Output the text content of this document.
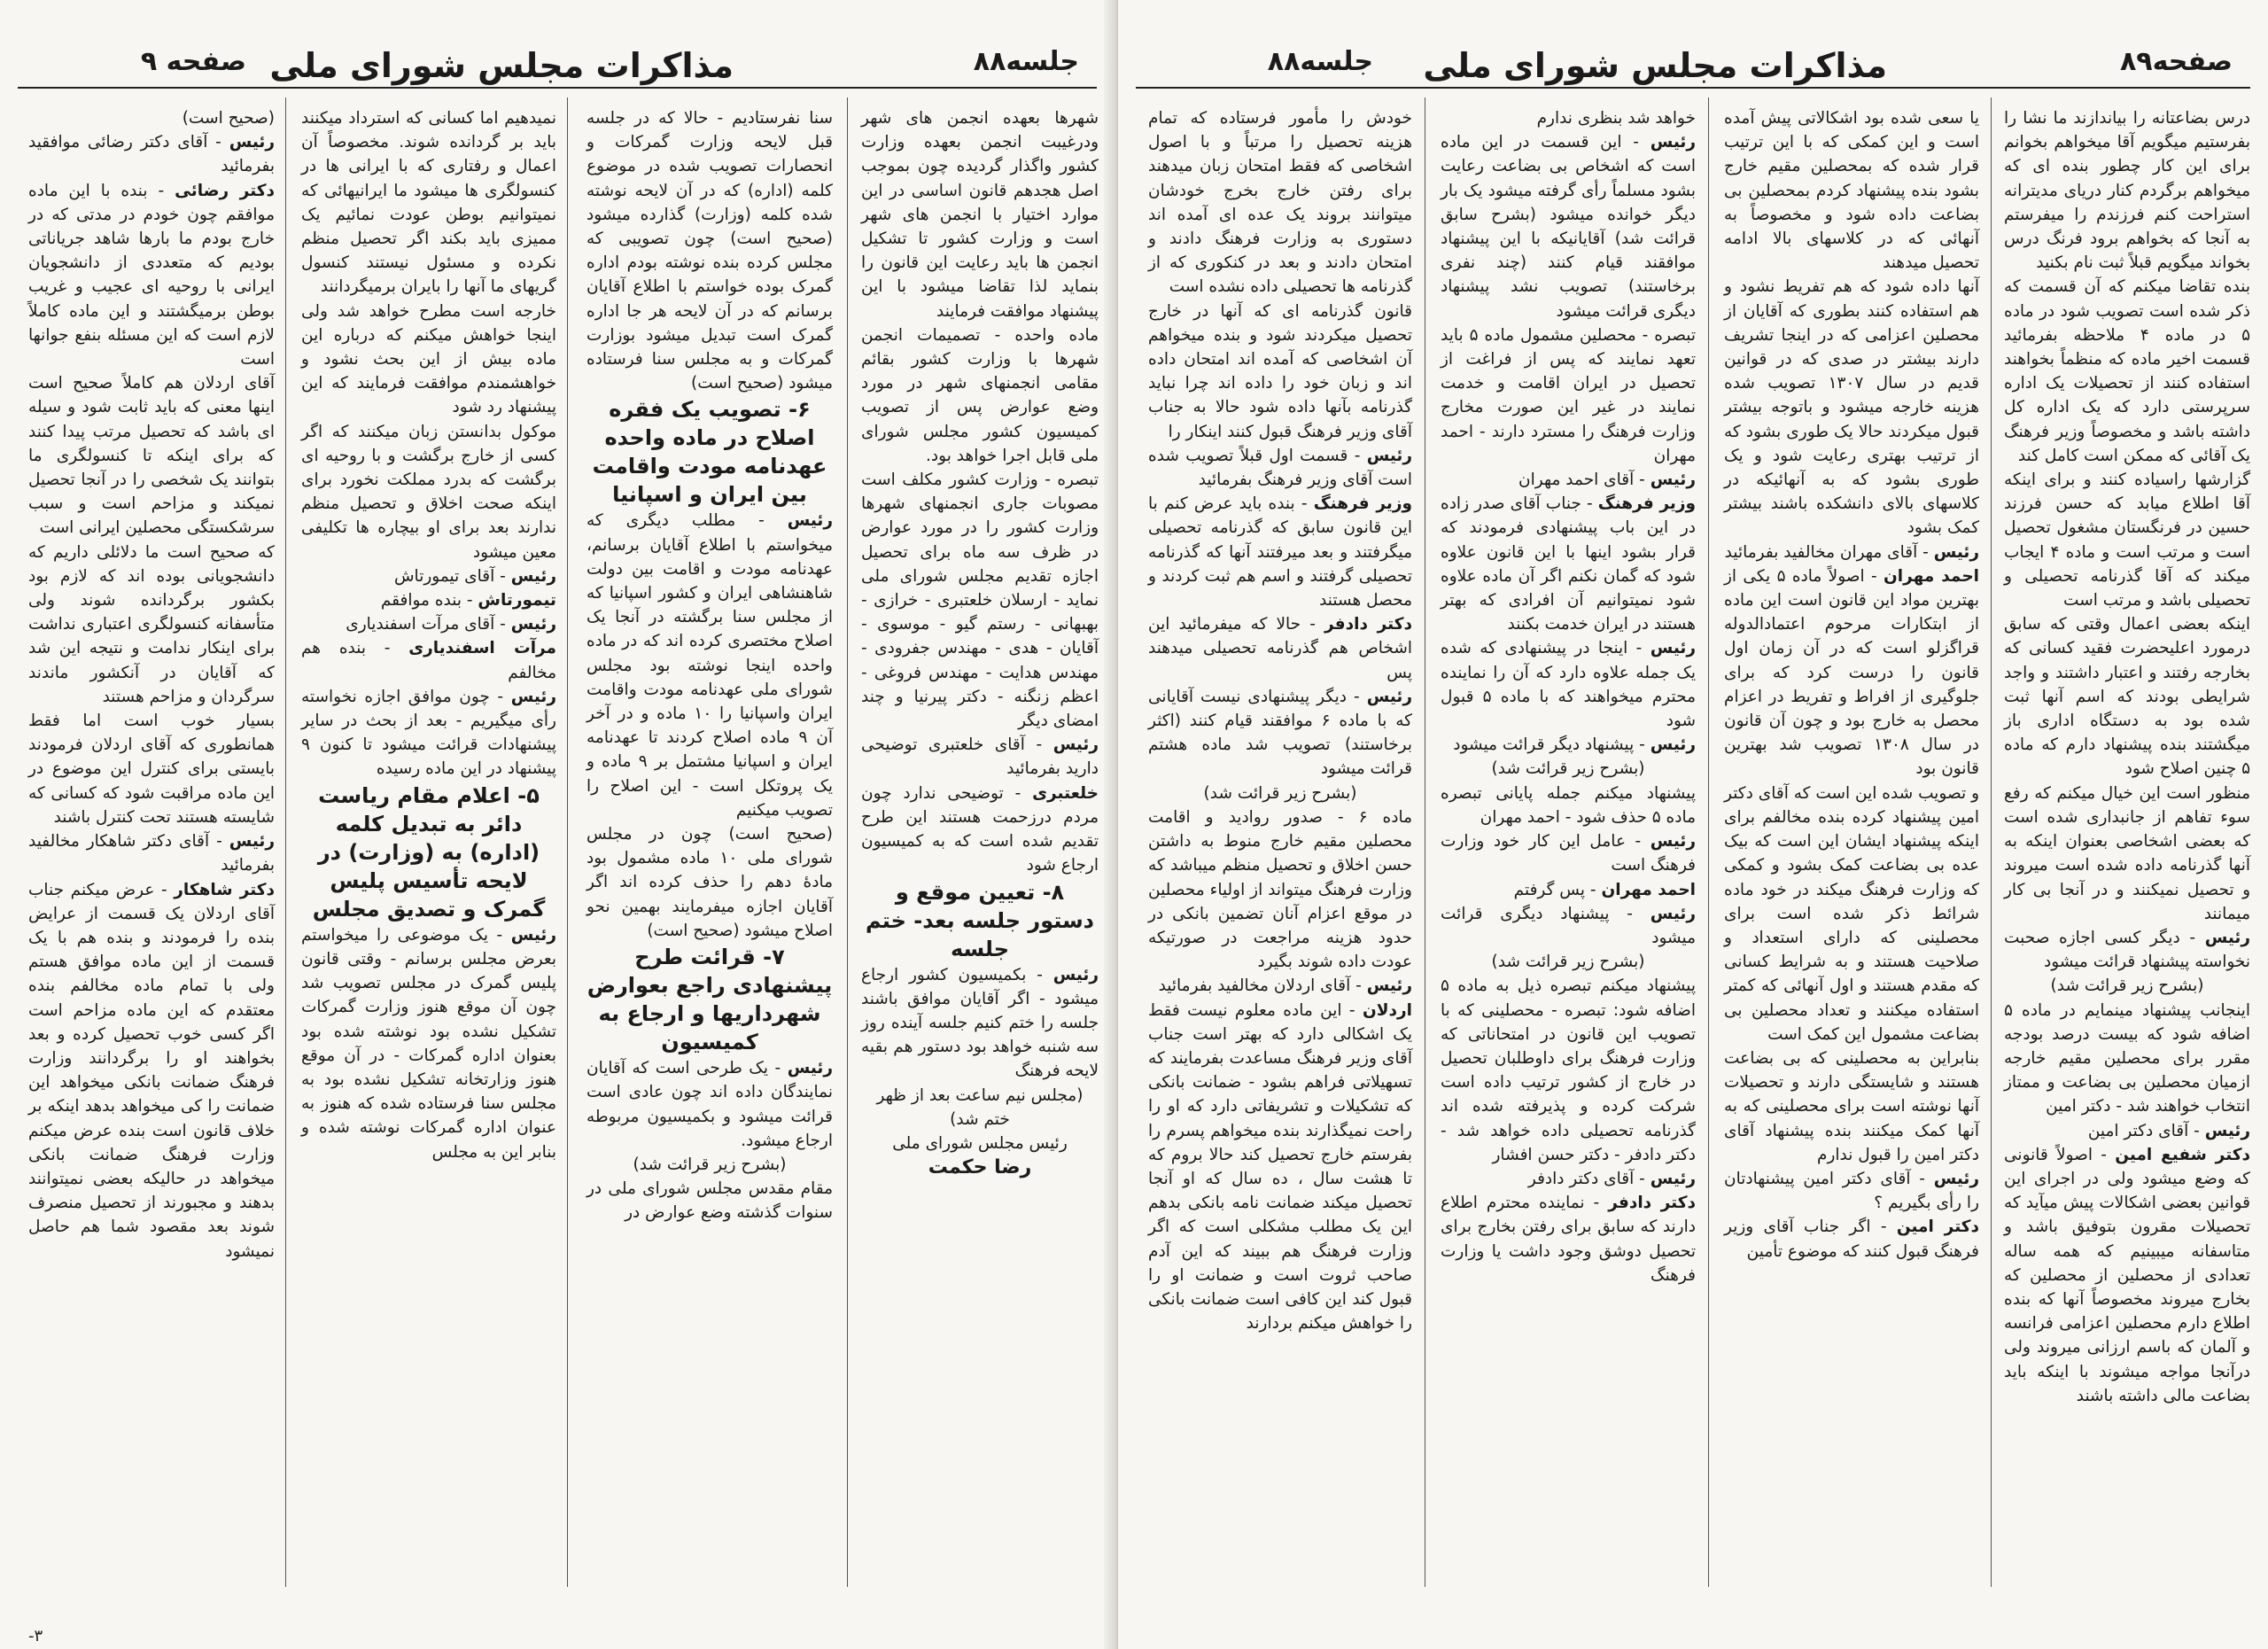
جلسه۸۸
مذاکرات مجلس شورای ملی
صفحه ۹

شهرها بعهده انجمن های شهر ودرغیبت انجمن بعهده وزارت کشور واگذار گردیده چون بموجب اصل هجدهم قانون اساسی در این موارد اختیار با انجمن های شهر است و وزارت کشور تا تشکیل انجمن ها باید رعایت این قانون را بنماید لذا تقاضا میشود با این پیشنهاد موافقت فرمایند

ماده واحده - تصمیمات انجمن شهرها با وزارت کشور بقائم مقامی انجمنهای شهر در مورد وضع عوارض پس از تصویب کمیسیون کشور مجلس شورای ملی قابل اجرا خواهد بود.

تبصره - وزارت کشور مکلف است مصوبات جاری انجمنهای شهرها وزارت کشور را در مورد عوارض در ظرف سه ماه برای تحصیل اجازه تقدیم مجلس شورای ملی نماید - ارسلان خلعتبری - خرازی - بهبهانی - رستم گیو - موسوی - آقایان - هدی - مهندس جفرودی - مهندس هدایت - مهندس فروغی - اعظم زنگنه - دکتر پیرنیا و چند امضای دیگر

رئیس - آقای خلعتبری توضیحی دارید بفرمائید

خلعتبری - توضیحی ندارد چون مردم درزحمت هستند این طرح تقدیم شده است که به کمیسیون ارجاع شود

۸- تعیین موقع و دستور جلسه بعد- ختم جلسه

رئیس - بکمیسیون کشور ارجاع میشود - اگر آقایان موافق باشند جلسه را ختم کنیم جلسه آینده روز سه شنبه خواهد بود دستور هم بقیه لایحه فرهنگ

(مجلس نیم ساعت بعد از ظهر ختم شد)

رئیس مجلس شورای ملی

رضا حکمت

سنا نفرستادیم - حالا که در جلسه قبل لایحه وزارت گمرکات و انحصارات تصویب شده در موضوع کلمه (اداره) که در آن لایحه نوشته شده کلمه (وزارت) گذارده میشود (صحیح است) چون تصویبی که مجلس کرده بنده نوشته بودم اداره گمرک بوده خواستم با اطلاع آقایان برسانم که در آن لایحه هر جا اداره گمرک است تبدیل میشود بوزارت گمرکات و به مجلس سنا فرستاده میشود (صحیح است)

۶- تصویب یک فقره اصلاح در ماده واحده عهدنامه مودت واقامت بین ایران و اسپانیا

رئیس - مطلب دیگری که میخواستم با اطلاع آقایان برسانم، عهدنامه مودت و اقامت بین دولت شاهنشاهی ایران و کشور اسپانیا که از مجلس سنا برگشته در آنجا یک اصلاح مختصری کرده اند که در ماده واحده اینجا نوشته بود مجلس شورای ملی عهدنامه مودت واقامت ایران واسپانیا را ۱۰ ماده و در آخر آن ۹ ماده اصلاح کردند تا عهدنامه ایران و اسپانیا مشتمل بر ۹ ماده و یک پروتکل است - این اصلاح را تصویب میکنیم

(صحیح است) چون در مجلس شورای ملی ۱۰ ماده مشمول بود مادۀ دهم را حذف کرده اند اگر آقایان اجازه میفرمایند بهمین نحو اصلاح میشود (صحیح است)

۷- قرائت طرح پیشنهادی راجع بعوارض شهرداریها و ارجاع به کمیسیون

رئیس - یک طرحی است که آقایان نمایندگان داده اند چون عادی است قرائت میشود و بکمیسیون مربوطه ارجاع میشود.

(بشرح زیر قرائت شد)

مقام مقدس مجلس شورای ملی در سنوات گذشته وضع عوارض در

نمیدهیم اما کسانی که استرداد میکنند باید بر گردانده شوند. مخصوصاً آن اعمال و رفتاری که با ایرانی ها در کنسولگری ها میشود ما ایرانیهائی که نمیتوانیم بوطن عودت نمائیم یک ممیزی باید بکند اگر تحصیل منظم نکرده و مسئول نیستند کنسول گریهای ما آنها را بایران برمیگردانند

خارجه است مطرح خواهد شد ولی اینجا خواهش میکنم که درباره این ماده بیش از این بحث نشود و خواهشمندم موافقت فرمایند که این پیشنهاد رد شود

موکول بدانستن زبان میکنند که اگر کسی از خارج برگشت و با روحیه ای برگشت که بدرد مملکت نخورد برای اینکه صحت اخلاق و تحصیل منظم ندارند بعد برای او بیچاره ها تکلیفی معین میشود

رئیس - آقای تیمورتاش

تیمورتاش - بنده موافقم

رئیس - آقای مرآت اسفندیاری

مرآت اسفندیاری - بنده هم مخالفم

رئیس - چون موافق اجازه نخواسته رأی میگیریم - بعد از بحث در سایر پیشنهادات قرائت میشود تا کنون ۹ پیشنهاد در این ماده رسیده

۵- اعلام مقام ریاست دائر به تبدیل کلمه (اداره) به (وزارت) در لایحه تأسیس پلیس گمرک و تصدیق مجلس

رئیس - یک موضوعی را میخواستم بعرض مجلس برسانم - وقتی قانون پلیس گمرک در مجلس تصویب شد چون آن موقع هنوز وزارت گمرکات تشکیل نشده بود نوشته شده بود بعنوان اداره گمرکات - در آن موقع هنوز وزارتخانه تشکیل نشده بود به مجلس سنا فرستاده شده که هنوز به عنوان اداره گمرکات نوشته شده و بنابر این به مجلس

(صحیح است)

رئیس - آقای دکتر رضائی موافقید بفرمائید

دکتر رضائی - بنده با این ماده موافقم چون خودم در مدتی که در خارج بودم ما بارها شاهد جریاناتی بودیم که متعددی از دانشجویان ایرانی با روحیه ای عجیب و غریب بوطن برمیگشتند و این ماده کاملاً لازم است که این مسئله بنفع جوانها است

آقای اردلان هم کاملاً صحیح است اینها معنی که باید ثابت شود و سیله ای باشد که تحصیل مرتب پیدا کنند که برای اینکه تا کنسولگری ما بتوانند یک شخصی را در آنجا تحصیل نمیکند و مزاحم است و سبب سرشکستگی محصلین ایرانی است

که صحیح است ما دلائلی داریم که دانشجویانی بوده اند که لازم بود بکشور برگردانده شوند ولی متأسفانه کنسولگری اعتباری نداشت برای اینکار ندامت و نتیجه این شد که آقایان در آنکشور ماندند سرگردان و مزاحم هستند

بسیار خوب است اما فقط همانطوری که آقای اردلان فرمودند بایستی برای کنترل این موضوع در این ماده مراقبت شود که کسانی که شایسته هستند تحت کنترل باشند

رئیس - آقای دکتر شاهکار مخالفید بفرمائید

دکتر شاهکار - عرض میکنم جناب آقای اردلان یک قسمت از عرایض بنده را فرمودند و بنده هم با یک قسمت از این ماده موافق هستم ولی با تمام ماده مخالفم بنده معتقدم که این ماده مزاحم است اگر کسی خوب تحصیل کرده و بعد بخواهند او را برگردانند وزارت فرهنگ ضمانت بانکی میخواهد این ضمانت را کی میخواهد بدهد اینکه بر خلاف قانون است بنده عرض میکنم وزارت فرهنگ ضمانت بانکی میخواهد در حالیکه بعضی نمیتوانند بدهند و مجبورند از تحصیل منصرف شوند بعد مقصود شما هم حاصل نمیشود

-۳
صفحه۸۹
مذاکرات مجلس شورای ملی
جلسه۸۸

درس بضاعتانه را بیاندازند ما نشا را بفرستیم میگویم آقا میخواهم بخوانم برای این کار چطور بنده ای که میخواهم برگردم کنار دریای مدیترانه استراحت کنم فرزندم را میفرستم به آنجا که بخواهم برود فرنگ درس بخواند میگویم قبلاً ثبت نام بکنید

بنده تقاضا میکنم که آن قسمت که ذکر شده است تصویب شود در ماده ۵ در ماده ۴ ملاحظه بفرمائید قسمت اخیر ماده که منظماً بخواهند استفاده کنند از تحصیلات یک اداره سرپرستی دارد که یک اداره کل داشته باشد و مخصوصاً وزیر فرهنگ یک آقائی که ممکن است کامل کند

گزارشها راسیاده کنند و برای اینکه آقا اطلاع میابد که حسن فرزند حسین در فرنگستان مشغول تحصیل است و مرتب است و ماده ۴ ایجاب میکند که آقا گذرنامه تحصیلی و تحصیلی باشد و مرتب است

اینکه بعضی اعمال وقتی که سابق درمورد اعلیحضرت فقید کسانی که بخارجه رفتند و اعتبار داشتند و واجد شرایطی بودند که اسم آنها ثبت شده بود به دستگاه اداری باز میگشتند بنده پیشنهاد دارم که ماده ۵ چنین اصلاح شود

منظور است این خیال میکنم که رفع سوء تفاهم از جانبداری شده است که بعضی اشخاصی بعنوان اینکه به آنها گذرنامه داده شده است میروند و تحصیل نمیکنند و در آنجا بی کار میمانند

رئیس - دیگر کسی اجازه صحبت نخواسته پیشنهاد قرائت میشود

(بشرح زیر قرائت شد)

اینجانب پیشنهاد مینمایم در ماده ۵ اضافه شود که بیست درصد بودجه مقرر برای محصلین مقیم خارجه ازمیان محصلین بی بضاعت و ممتاز انتخاب خواهند شد - دکتر امین

رئیس - آقای دکتر امین

دکتر شفیع امین - اصولاً قانونی که وضع میشود ولی در اجرای این قوانین بعضی اشکالات پیش میآید که تحصیلات مقرون بتوفیق باشد و متاسفانه میبینیم که همه ساله تعدادی از محصلین از محصلین که بخارج میروند مخصوصاً آنها که بنده اطلاع دارم محصلین اعزامی فرانسه و آلمان که باسم ارزانی میروند ولی درآنجا مواجه میشوند با اینکه باید بضاعت مالی داشته باشند

یا سعی شده بود اشکالاتی پیش آمده است و این کمکی که با این ترتیب قرار شده که بمحصلین مقیم خارج بشود بنده پیشنهاد کردم بمحصلین بی بضاعت داده شود و مخصوصاً به آنهائی که در کلاسهای بالا ادامه تحصیل میدهند

آنها داده شود که هم تفریط نشود و هم استفاده کنند بطوری که آقایان از محصلین اعزامی که در اینجا تشریف دارند بیشتر در صدی که در قوانین قدیم در سال ۱۳۰۷ تصویب شده هزینه خارجه میشود و باتوجه بیشتر قبول میکردند حالا یک طوری بشود که از ترتیب بهتری رعایت شود و یک طوری بشود که به آنهائیکه در کلاسهای بالای دانشکده باشند بیشتر کمک بشود

رئیس - آقای مهران مخالفید بفرمائید

احمد مهران - اصولاً ماده ۵ یکی از بهترین مواد این قانون است این ماده از ابتکارات مرحوم اعتمادالدوله قراگزلو است که در آن زمان اول قانون را درست کرد که برای جلوگیری از افراط و تفریط در اعزام محصل به خارج بود و چون آن قانون در سال ۱۳۰۸ تصویب شد بهترین قانون بود

و تصویب شده این است که آقای دکتر امین پیشنهاد کرده بنده مخالفم برای اینکه پیشنهاد ایشان این است که بیک عده بی بضاعت کمک بشود و کمکی که وزارت فرهنگ میکند در خود ماده شرائط ذکر شده است برای محصلینی که دارای استعداد و صلاحیت هستند و به شرایط کسانی که مقدم هستند و اول آنهائی که کمتر استفاده میکنند و تعداد محصلین بی بضاعت مشمول این کمک است

بنابراین به محصلینی که بی بضاعت هستند و شایستگی دارند و تحصیلات آنها نوشته است برای محصلینی که به آنها کمک میکنند بنده پیشنهاد آقای دکتر امین را قبول ندارم

رئیس - آقای دکتر امین پیشنهادتان را رأی بگیریم ؟

دکتر امین - اگر جناب آقای وزیر فرهنگ قبول کنند که موضوع تأمین

خواهد شد بنظری ندارم

رئیس - این قسمت در این ماده است که اشخاص بی بضاعت رعایت بشود مسلماً رأی گرفته میشود یک بار دیگر خوانده میشود (بشرح سابق قرائت شد) آقایانیکه با این پیشنهاد موافقند قیام کنند (چند نفری برخاستند) تصویب نشد پیشنهاد دیگری قرائت میشود

تبصره - محصلین مشمول ماده ۵ باید تعهد نمایند که پس از فراغت از تحصیل در ایران اقامت و خدمت نمایند در غیر این صورت مخارج وزارت فرهنگ را مسترد دارند - احمد مهران

رئیس - آقای احمد مهران

وزیر فرهنگ - جناب آقای صدر زاده در این باب پیشنهادی فرمودند که قرار بشود اینها با این قانون علاوه شود که گمان نکنم اگر آن ماده علاوه شود نمیتوانیم آن افرادی که بهتر هستند در ایران خدمت بکنند

رئیس - اینجا در پیشنهادی که شده یک جمله علاوه دارد که آن را نماینده محترم میخواهند که با ماده ۵ قبول شود

رئیس - پیشنهاد دیگر قرائت میشود

(بشرح زیر قرائت شد)

پیشنهاد میکنم جمله پایانی تبصره ماده ۵ حذف شود - احمد مهران

رئیس - عامل این کار خود وزارت فرهنگ است

احمد مهران - پس گرفتم

رئیس - پیشنهاد دیگری قرائت میشود

(بشرح زیر قرائت شد)

پیشنهاد میکنم تبصره ذیل به ماده ۵ اضافه شود: تبصره - محصلینی که با تصویب این قانون در امتحاناتی که وزارت فرهنگ برای داوطلبان تحصیل در خارج از کشور ترتیب داده است شرکت کرده و پذیرفته شده اند گذرنامه تحصیلی داده خواهد شد - دکتر دادفر - دکتر حسن افشار

رئیس - آقای دکتر دادفر

دکتر دادفر - نماینده محترم اطلاع دارند که سابق برای رفتن بخارج برای تحصیل دوشق وجود داشت یا وزارت فرهنگ

خودش را مأمور فرستاده که تمام هزینه تحصیل را مرتباً و با اصول اشخاصی که فقط امتحان زبان میدهند برای رفتن خارج بخرج خودشان میتوانند بروند یک عده ای آمده اند دستوری به وزارت فرهنگ دادند و امتحان دادند و بعد در کنکوری که از گذرنامه ها تحصیلی داده نشده است

قانون گذرنامه ای که آنها در خارج تحصیل میکردند شود و بنده میخواهم آن اشخاصی که آمده اند امتحان داده اند و زبان خود را داده اند چرا نباید گذرنامه بآنها داده شود حالا به جناب آقای وزیر فرهنگ قبول کنند اینکار را

رئیس - قسمت اول قبلاً تصویب شده است آقای وزیر فرهنگ بفرمائید

وزیر فرهنگ - بنده باید عرض کنم با این قانون سابق که گذرنامه تحصیلی میگرفتند و بعد میرفتند آنها که گذرنامه تحصیلی گرفتند و اسم هم ثبت کردند و محصل هستند

دکتر دادفر - حالا که میفرمائید این اشخاص هم گذرنامه تحصیلی میدهند پس

رئیس - دیگر پیشنهادی نیست آقایانی که با ماده ۶ موافقند قیام کنند (اکثر برخاستند) تصویب شد ماده هشتم قرائت میشود

(بشرح زیر قرائت شد)

ماده ۶ - صدور روادید و اقامت محصلین مقیم خارج منوط به داشتن حسن اخلاق و تحصیل منظم میباشد که وزارت فرهنگ میتواند از اولیاء محصلین در موقع اعزام آنان تضمین بانکی در حدود هزینه مراجعت در صورتیکه عودت داده شوند بگیرد

رئیس - آقای اردلان مخالفید بفرمائید

اردلان - این ماده معلوم نیست فقط یک اشکالی دارد که بهتر است جناب آقای وزیر فرهنگ مساعدت بفرمایند که تسهیلاتی فراهم بشود - ضمانت بانکی که تشکیلات و تشریفاتی دارد که او را راحت نمیگذارند بنده میخواهم پسرم را بفرستم خارج تحصیل کند حالا بروم که تا هشت سال ، ده سال که او آنجا تحصیل میکند ضمانت نامه بانکی بدهم این یک مطلب مشکلی است که اگر وزارت فرهنگ هم ببیند که این آدم صاحب ثروت است و ضمانت او را قبول کند این کافی است ضمانت بانکی را خواهش میکنم بردارند
